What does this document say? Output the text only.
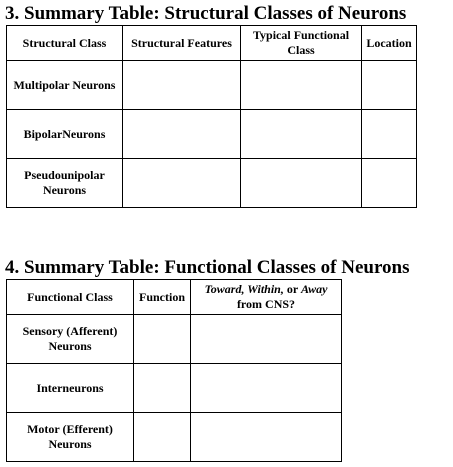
3. Summary Table: Structural Classes of Neurons
Structural Class	Structural Features	Typical Functional Class	Location
Multipolar Neurons			
BipolarNeurons			
Pseudounipolar Neurons			
4. Summary Table: Functional Classes of Neurons
Functional Class	Function	Toward, Within, or Away
from CNS?
Sensory (Afferent) Neurons		
Interneurons		
Motor (Efferent) Neurons		
